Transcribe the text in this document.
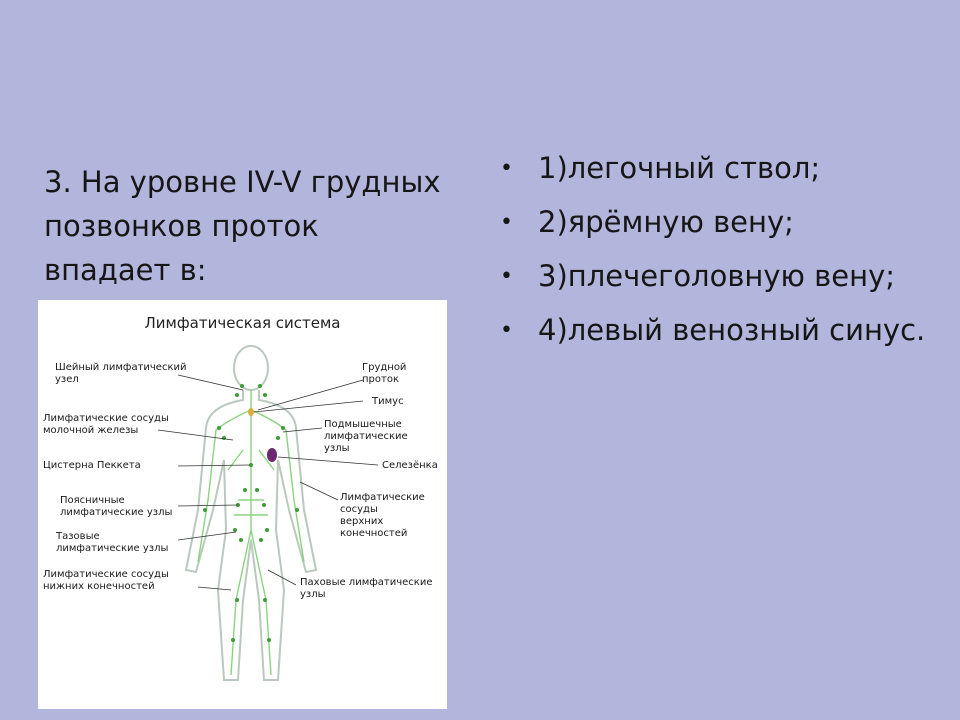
3. На уровне IV-V грудных
позвонков проток
впадает в:
• 1)легочный ствол;
• 2)ярёмную вену;
• 3)плечеголовную вену;
• 4)левый венозный синус.
Лимфатическая система
Шейный лимфатический
узел
Грудной
проток
Тимус
Лимфатические сосуды
молочной железы
Подмышечные
лимфатические
узлы
Цистерна Пеккета	Селезёнка
Поясничные
лимфатические узлы
Лимфатические
сосуды
верхних
конечностей
Тазовые
лимфатические узлы
Лимфатические сосуды
нижних конечностей	Паховые лимфатические
узлы
